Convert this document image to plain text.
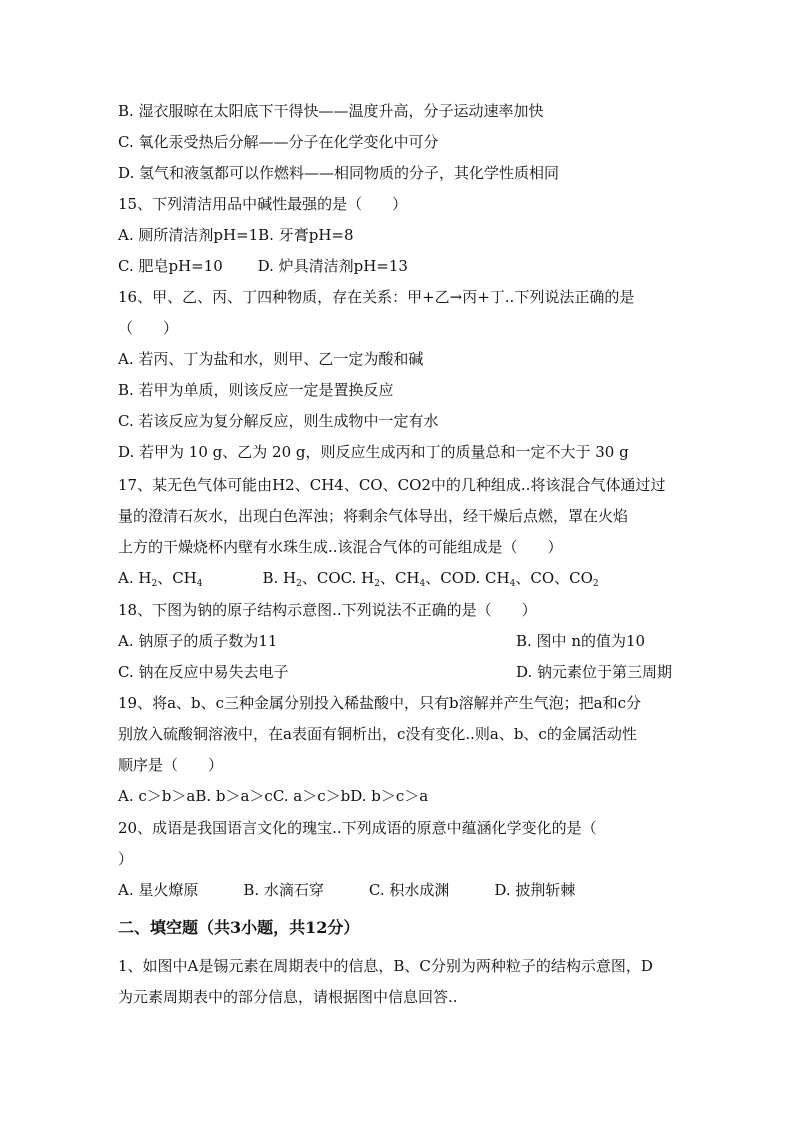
B. 湿衣服晾在太阳底下干得快——温度升高，分子运动速率加快
C. 氧化汞受热后分解——分子在化学变化中可分
D. 氢气和液氢都可以作燃料——相同物质的分子，其化学性质相同
15、下列清洁用品中碱性最强的是（　　）
A. 厕所清洁剂pH=1B. 牙膏pH=8
C. 肥皂pH=10　　 D. 炉具清洁剂pH=13
16、甲、乙、丙、丁四种物质，存在关系：甲+乙→丙+丁..下列说法正确的是
（　　）
A. 若丙、丁为盐和水，则甲、乙一定为酸和碱
B. 若甲为单质，则该反应一定是置换反应
C. 若该反应为复分解反应，则生成物中一定有水
D. 若甲为 10 g、乙为 20 g，则反应生成丙和丁的质量总和一定不大于 30 g
17、某无色气体可能由H2、CH4、CO、CO2中的几种组成..将该混合气体通过过
量的澄清石灰水，出现白色浑浊；将剩余气体导出，经干燥后点燃，罩在火焰
上方的干燥烧杯内壁有水珠生成..该混合气体的可能组成是（　　）
A. $H_2$、$CH_4$　　　　B. $H_2$、COC. $H_2$、$CH_4$、COD. $CH_4$、CO、$CO_2$
18、下图为钠的原子结构示意图..下列说法不正确的是（　　）
A. 钠原子的质子数为11	B. 图中 n的值为10
C. 钠在反应中易失去电子	D. 钠元素位于第三周期
19、将a、b、c三种金属分别投入稀盐酸中，只有b溶解并产生气泡；把a和c分
别放入硫酸铜溶液中，在a表面有铜析出，c没有变化..则a、b、c的金属活动性
顺序是（　　）
A. c＞b＞aB. b＞a＞cC. a＞c＞bD. b＞c＞a
20、成语是我国语言文化的瑰宝..下列成语的原意中蕴涵化学变化的是（
）
A. 星火燎原　　　B. 水滴石穿　　　C. 积水成渊　　　D. 披荆斩棘
二、填空题（共3小题，共12分）
1、如图中A是锡元素在周期表中的信息，B、C分别为两种粒子的结构示意图，D
为元素周期表中的部分信息，请根据图中信息回答..
